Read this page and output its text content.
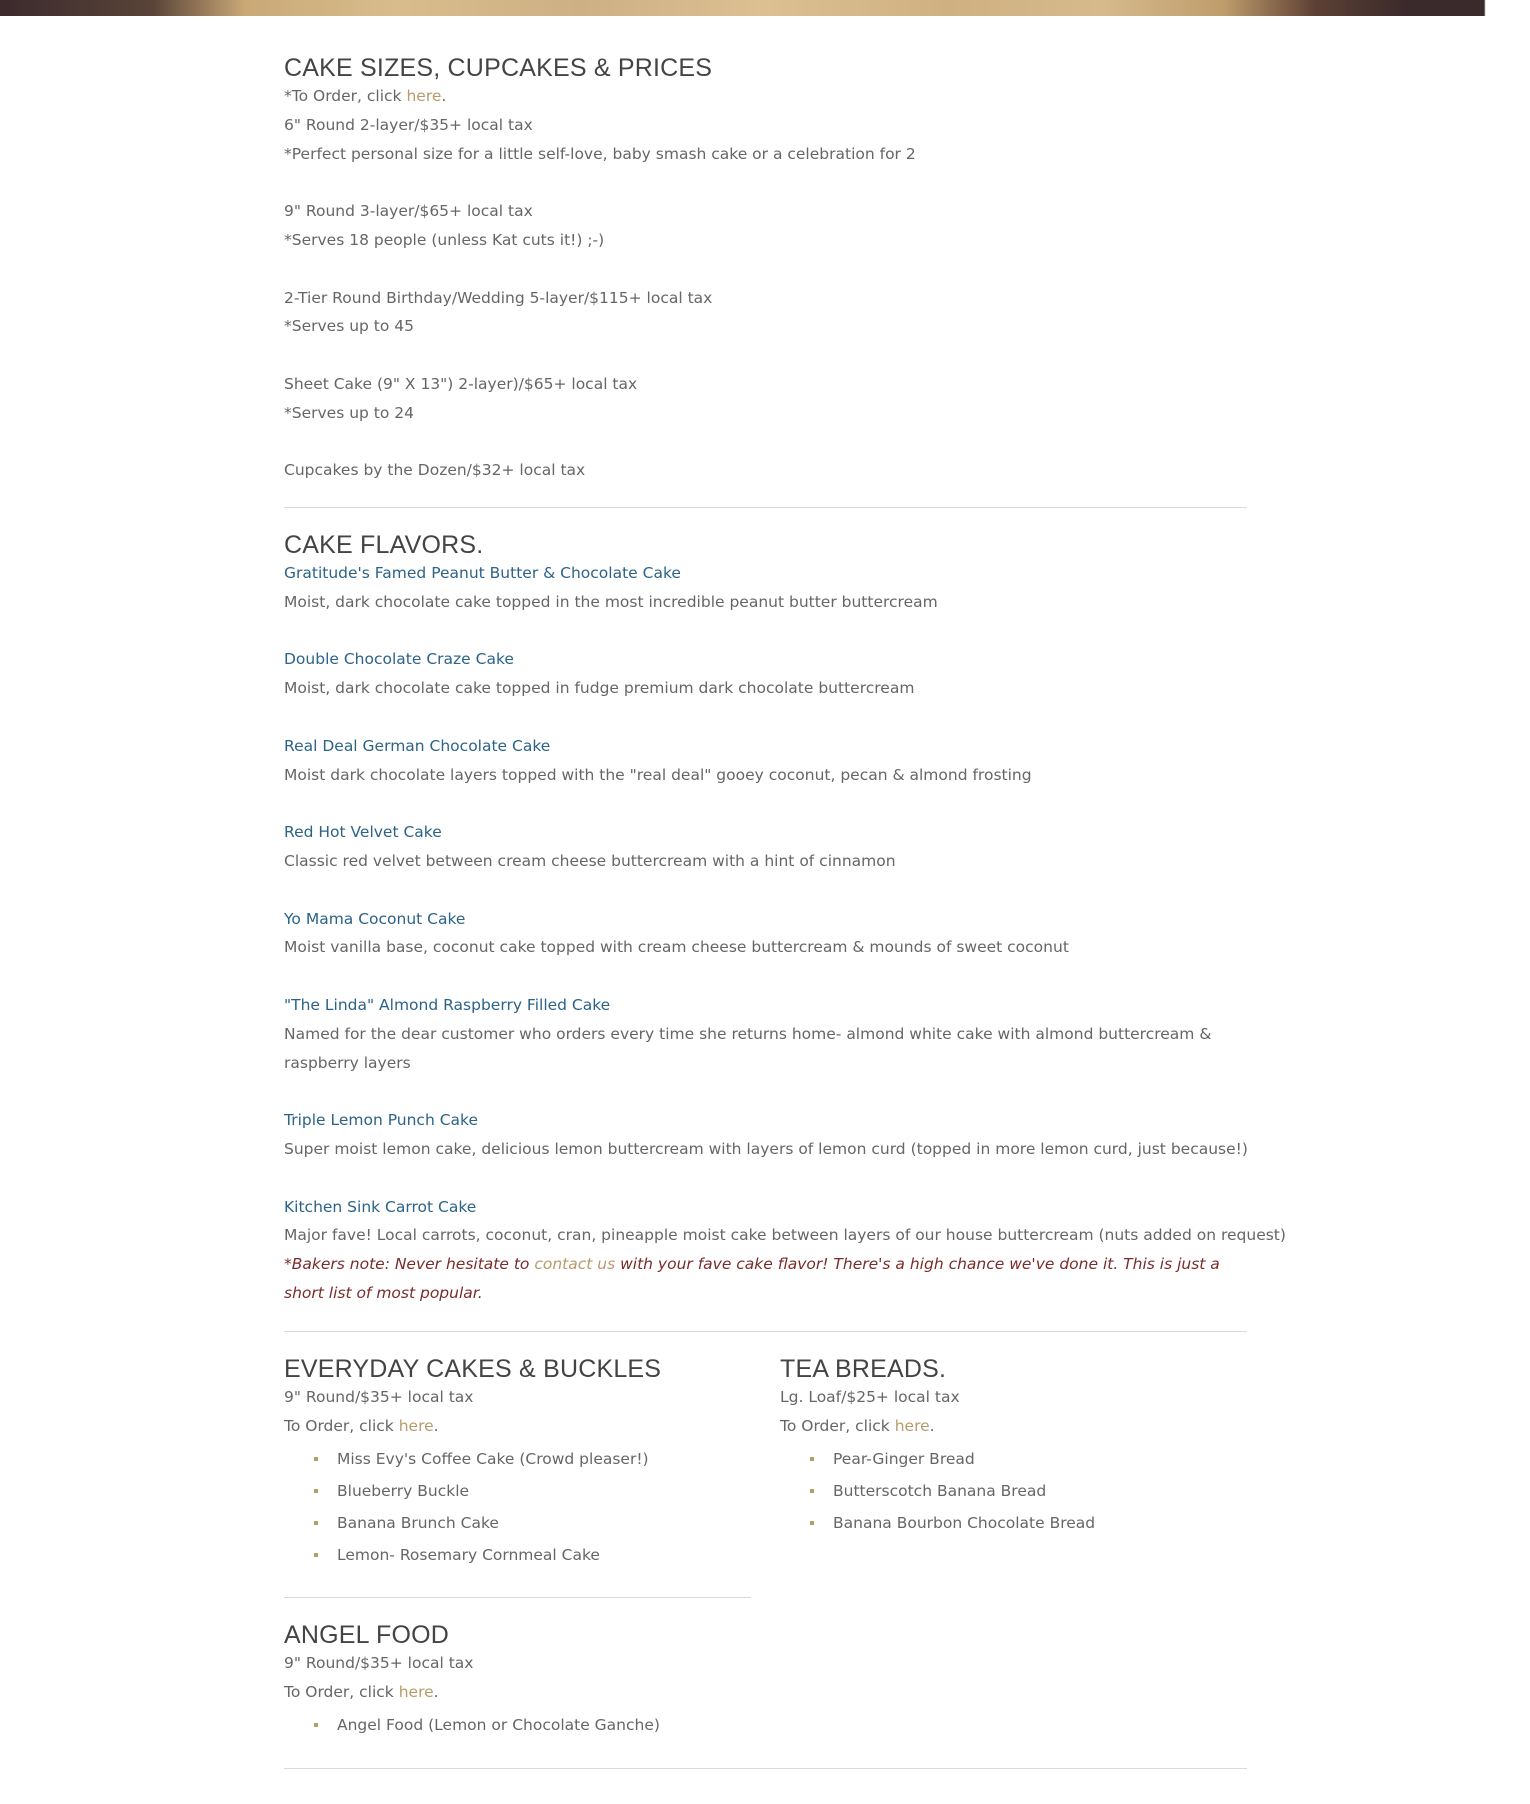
CAKE SIZES, CUPCAKES & PRICES

*To Order, click here.

6" Round 2-layer/$35+ local tax

*Perfect personal size for a little self-love, baby smash cake or a celebration for 2

9" Round 3-layer/$65+ local tax

*Serves 18 people (unless Kat cuts it!) ;-)

2-Tier Round Birthday/Wedding 5-layer/$115+ local tax

*Serves up to 45

Sheet Cake (9" X 13") 2-layer)/$65+ local tax

*Serves up to 24

Cupcakes by the Dozen/$32+ local tax

CAKE FLAVORS.

Gratitude's Famed Peanut Butter & Chocolate Cake

Moist, dark chocolate cake topped in the most incredible peanut butter buttercream

Double Chocolate Craze Cake

Moist, dark chocolate cake topped in fudge premium dark chocolate buttercream

Real Deal German Chocolate Cake

Moist dark chocolate layers topped with the "real deal" gooey coconut, pecan & almond frosting

Red Hot Velvet Cake

Classic red velvet between cream cheese buttercream with a hint of cinnamon

Yo Mama Coconut Cake

Moist vanilla base, coconut cake topped with cream cheese buttercream & mounds of sweet coconut

"The Linda" Almond Raspberry Filled Cake

Named for the dear customer who orders every time she returns home- almond white cake with almond buttercream & raspberry layers

Triple Lemon Punch Cake

Super moist lemon cake, delicious lemon buttercream with layers of lemon curd (topped in more lemon curd, just because!)

Kitchen Sink Carrot Cake

Major fave! Local carrots, coconut, cran, pineapple moist cake between layers of our house buttercream (nuts added on request)

*Bakers note: Never hesitate to contact us with your fave cake flavor! There's a high chance we've done it. This is just a short list of most popular.

EVERYDAY CAKES & BUCKLES

9" Round/$35+ local tax

To Order, click here.

Miss Evy's Coffee Cake (Crowd pleaser!)
Blueberry Buckle
Banana Brunch Cake
Lemon- Rosemary Cornmeal Cake
TEA BREADS.

Lg. Loaf/$25+ local tax

To Order, click here.

Pear-Ginger Bread
Butterscotch Banana Bread
Banana Bourbon Chocolate Bread
ANGEL FOOD

9" Round/$35+ local tax

To Order, click here.

Angel Food (Lemon or Chocolate Ganche)
